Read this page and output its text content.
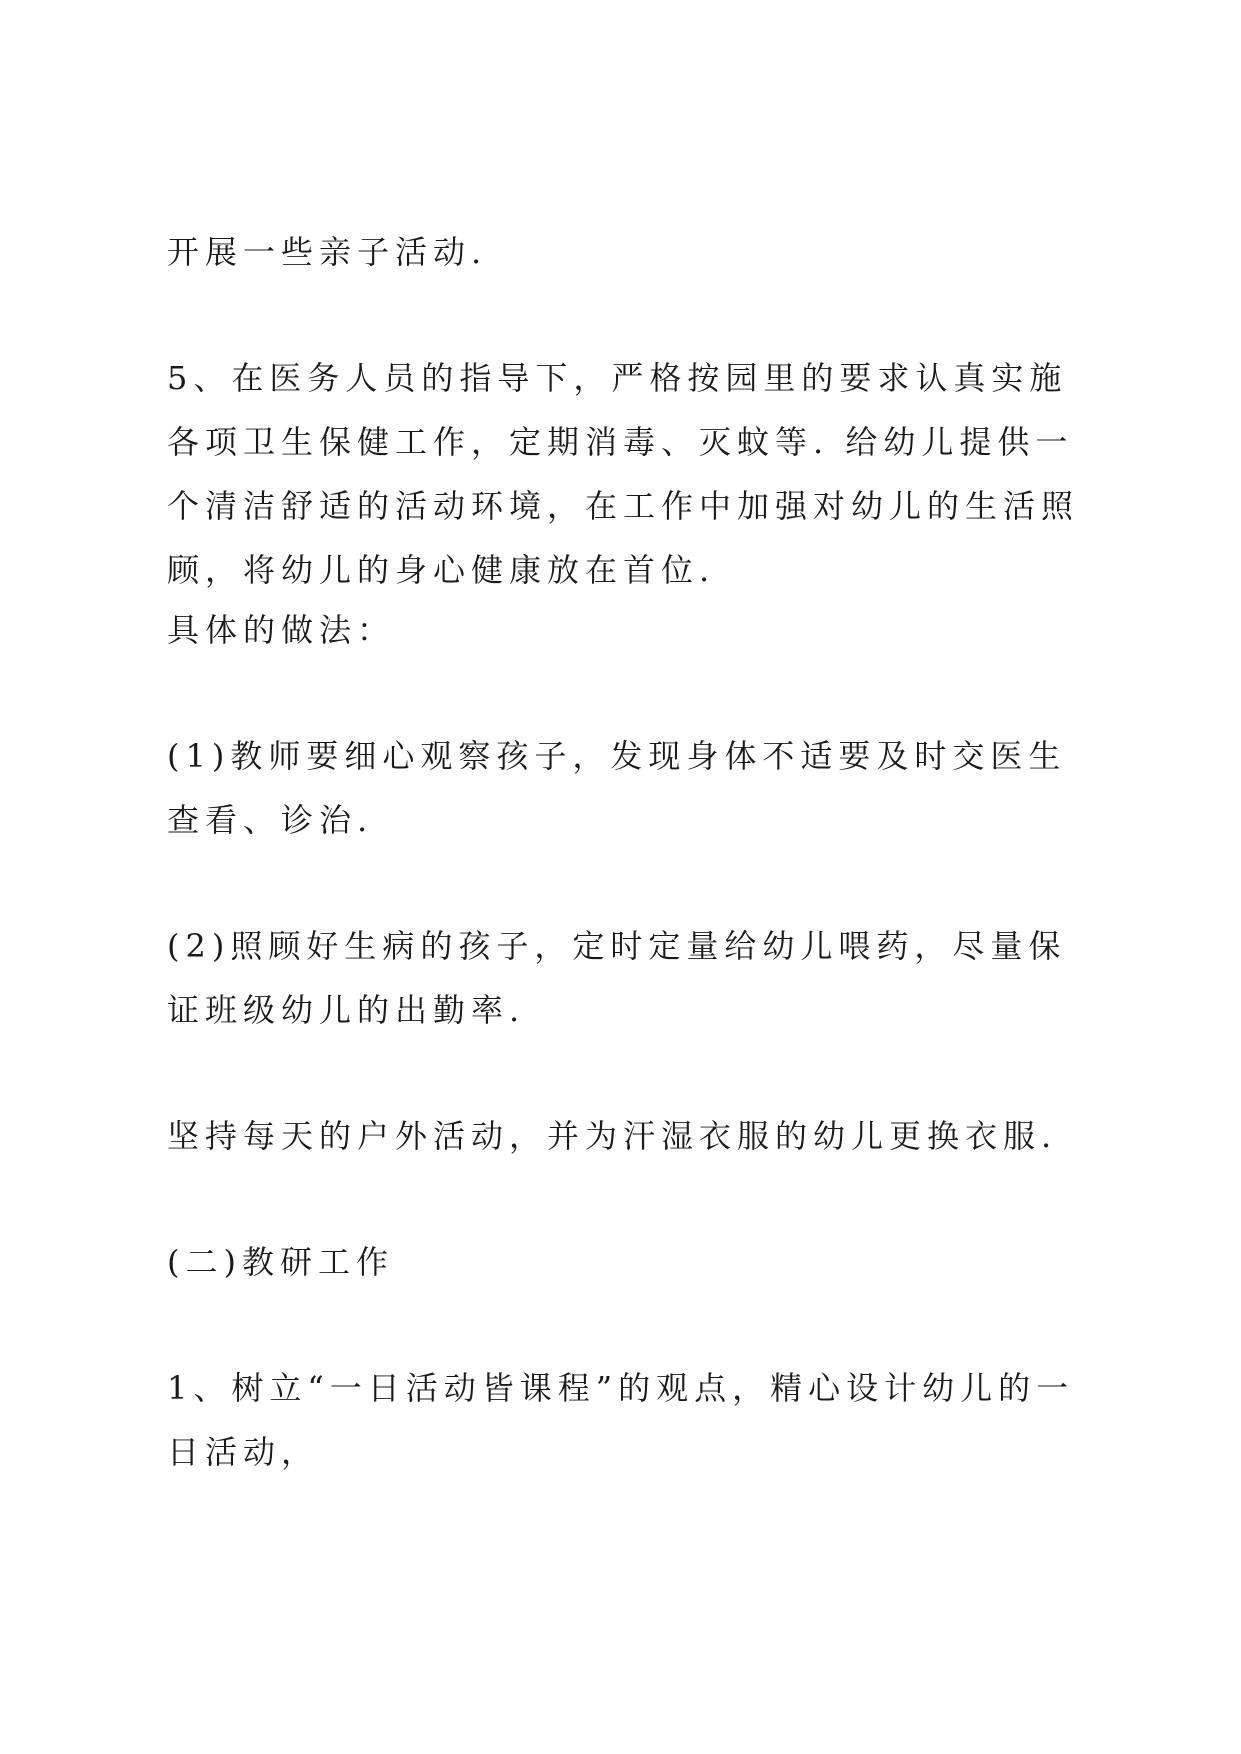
开展一些亲子活动.

5、在医务人员的指导下，严格按园里的要求认真实施各项卫生保健工作，定期消毒、灭蚊等. 给幼儿提供一个清洁舒适的活动环境，在工作中加强对幼儿的生活照顾，将幼儿的身心健康放在首位.

具体的做法：

(1)教师要细心观察孩子，发现身体不适要及时交医生查看、诊治.

(2)照顾好生病的孩子，定时定量给幼儿喂药，尽量保证班级幼儿的出勤率.

坚持每天的户外活动，并为汗湿衣服的幼儿更换衣服.

(二)教研工作

1、树立“一日活动皆课程”的观点，精心设计幼儿的一日活动，
